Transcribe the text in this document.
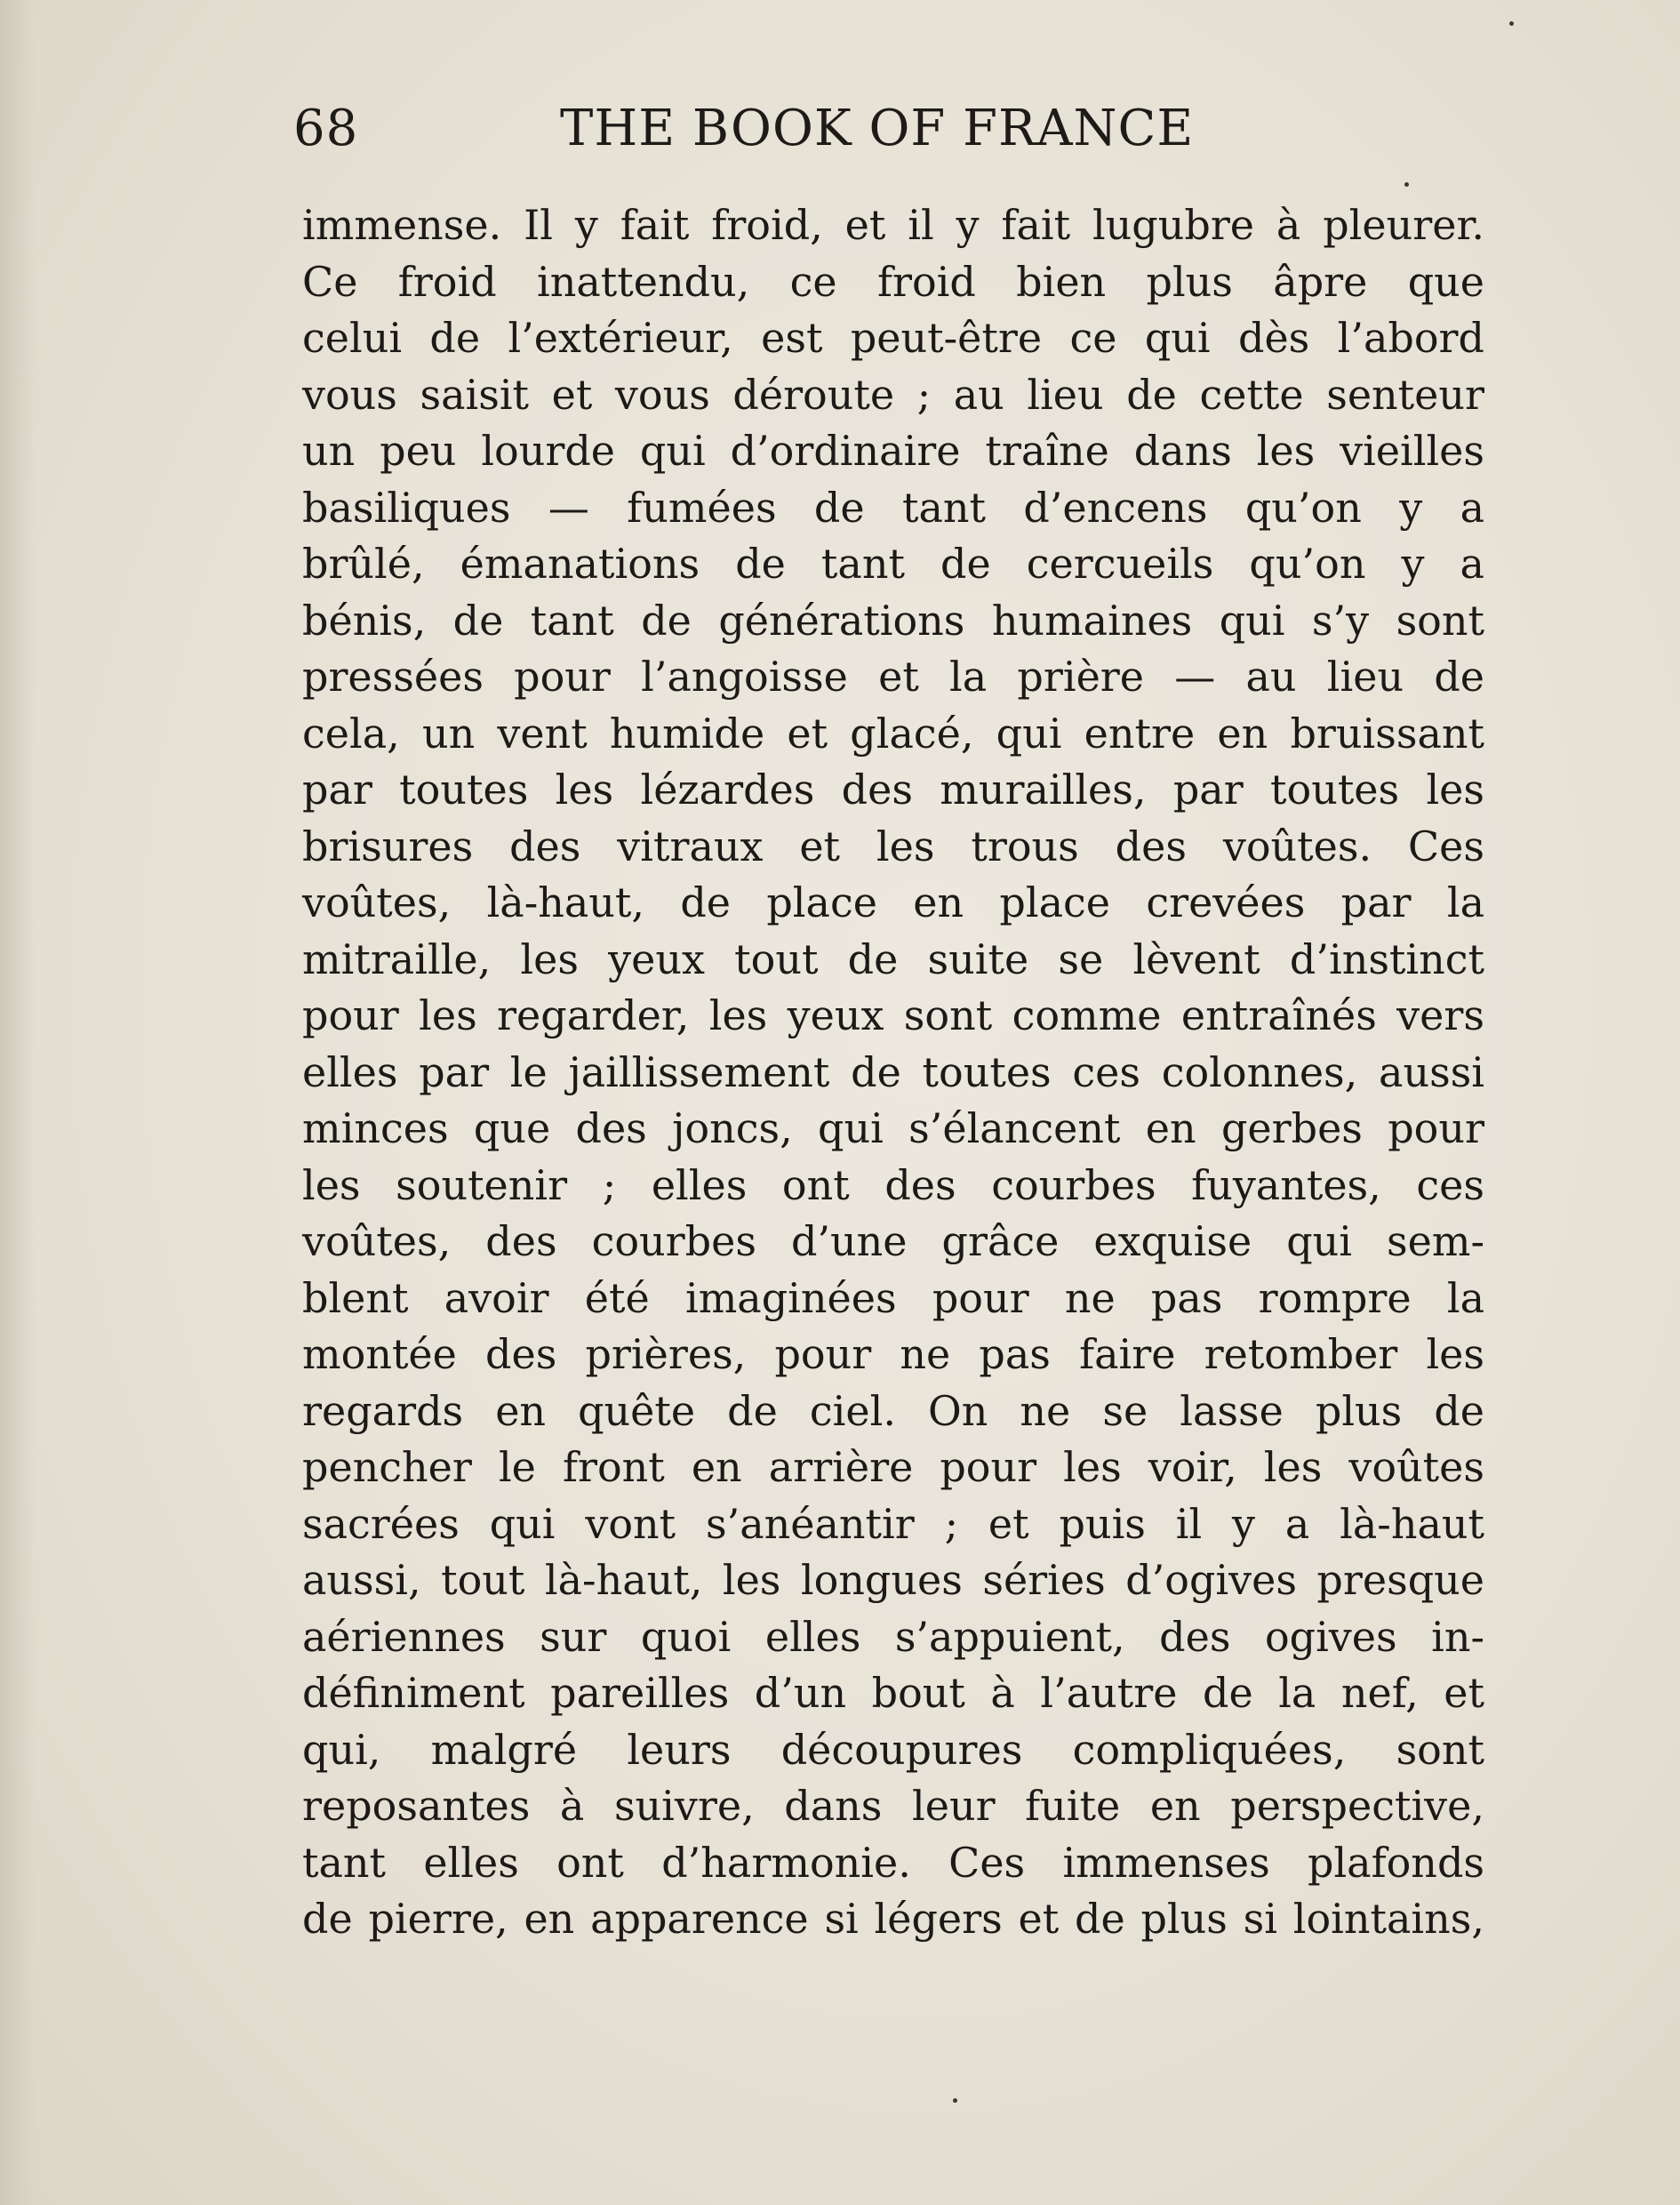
68	THE BOOK OF FRANCE
immense. Il y fait froid, et il y fait lugubre à pleurer.
Ce froid inattendu, ce froid bien plus âpre que
celui de l’extérieur, est peut-être ce qui dès l’abord
vous saisit et vous déroute ; au lieu de cette senteur
un peu lourde qui d’ordinaire traîne dans les vieilles
basiliques — fumées de tant d’encens qu’on y a
brûlé, émanations de tant de cercueils qu’on y a
bénis, de tant de générations humaines qui s’y sont
pressées pour l’angoisse et la prière — au lieu de
cela, un vent humide et glacé, qui entre en bruissant
par toutes les lézardes des murailles, par toutes les
brisures des vitraux et les trous des voûtes. Ces
voûtes, là-haut, de place en place crevées par la
mitraille, les yeux tout de suite se lèvent d’instinct
pour les regarder, les yeux sont comme entraînés vers
elles par le jaillissement de toutes ces colonnes, aussi
minces que des joncs, qui s’élancent en gerbes pour
les soutenir ; elles ont des courbes fuyantes, ces
voûtes, des courbes d’une grâce exquise qui sem-
blent avoir été imaginées pour ne pas rompre la
montée des prières, pour ne pas faire retomber les
regards en quête de ciel. On ne se lasse plus de
pencher le front en arrière pour les voir, les voûtes
sacrées qui vont s’anéantir ; et puis il y a là-haut
aussi, tout là-haut, les longues séries d’ogives presque
aériennes sur quoi elles s’appuient, des ogives in-
définiment pareilles d’un bout à l’autre de la nef, et
qui, malgré leurs découpures compliquées, sont
reposantes à suivre, dans leur fuite en perspective,
tant elles ont d’harmonie. Ces immenses plafonds
de pierre, en apparence si légers et de plus si lointains,
